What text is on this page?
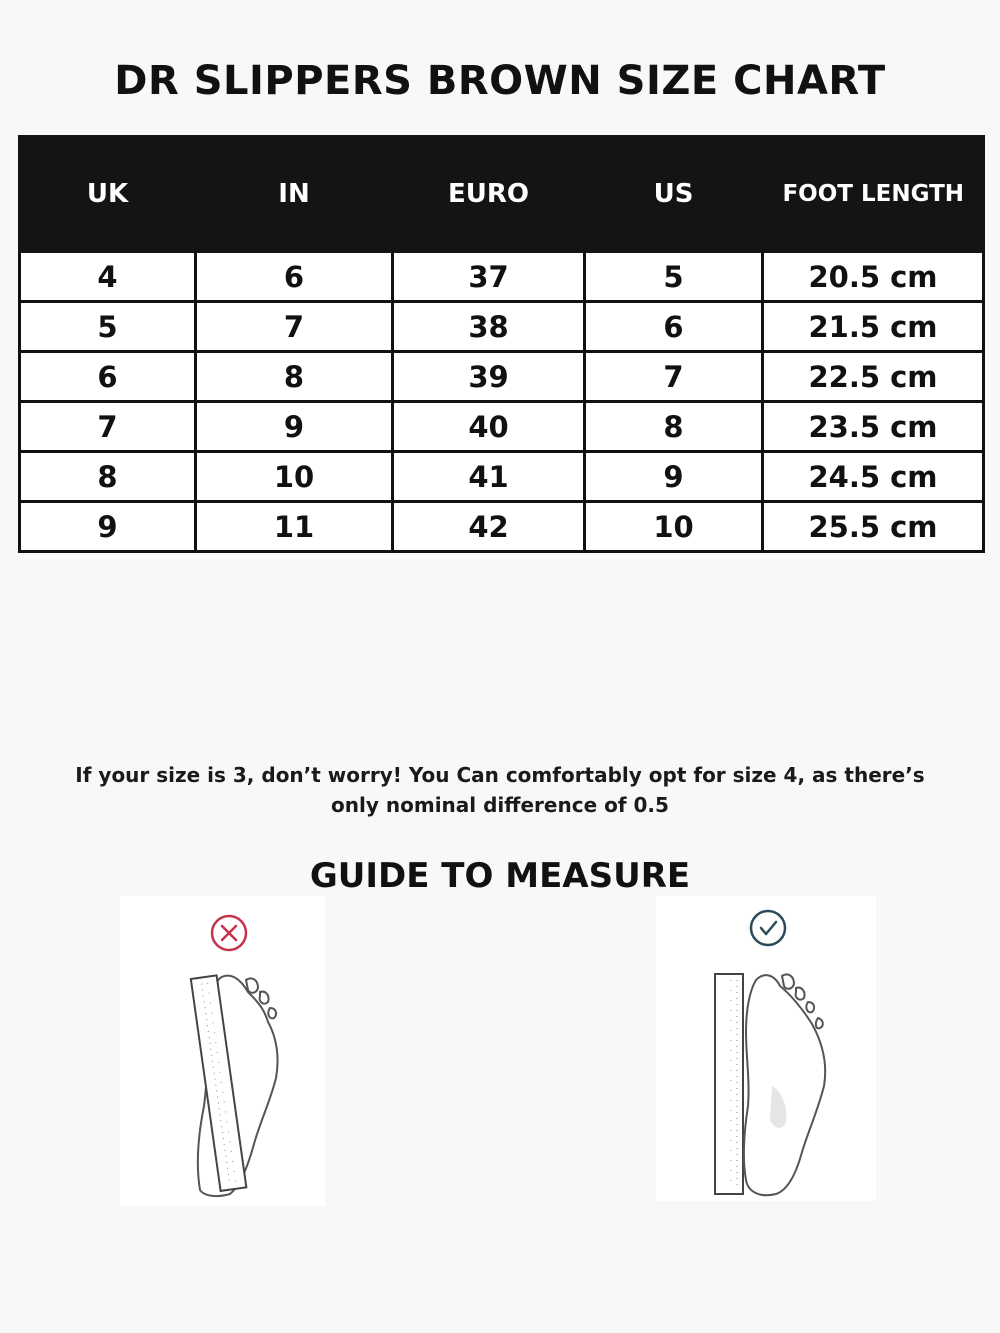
DR SLIPPERS BROWN SIZE CHART
UK	IN	EURO	US	FOOT LENGTH
4	6	37	5	20.5 cm
5	7	38	6	21.5 cm
6	8	39	7	22.5 cm
7	9	40	8	23.5 cm
8	10	41	9	24.5 cm
9	11	42	10	25.5 cm
If your size is 3, don’t worry! You Can comfortably opt for size 4, as there’s only nominal difference of 0.5
GUIDE TO MEASURE
